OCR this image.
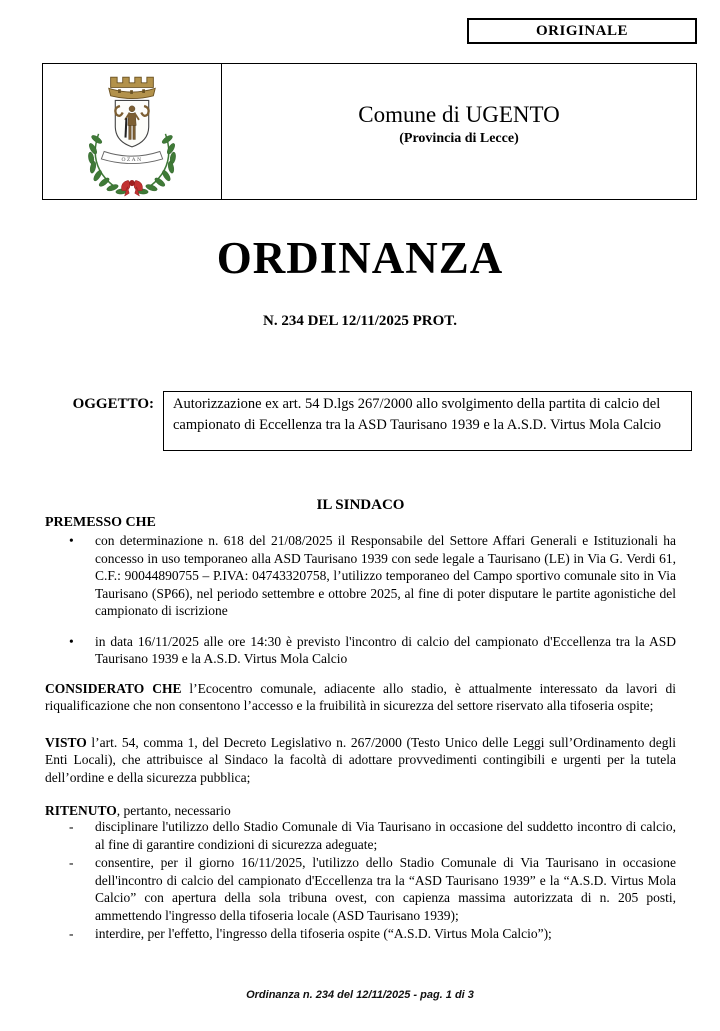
ORIGINALE
OZAN
Comune di UGENTO
(Provincia di Lecce)
ORDINANZA
N. 234 DEL 12/11/2025 PROT.
OGGETTO:	Autorizzazione ex art. 54 D.lgs 267/2000 allo svolgimento della partita di calcio del campionato di Eccellenza tra la ASD Taurisano 1939 e la A.S.D. Virtus Mola Calcio
IL SINDACO
PREMESSO CHE
• con determinazione n. 618 del 21/08/2025 il Responsabile del Settore Affari Generali e Istituzionali ha concesso in uso temporaneo alla ASD Taurisano 1939 con sede legale a Taurisano (LE) in Via G. Verdi 61, C.F.: 90044890755 – P.IVA: 04743320758, l’utilizzo temporaneo del Campo sportivo comunale sito in Via Taurisano (SP66), nel periodo settembre e ottobre 2025, al fine di poter disputare le partite agonistiche del campionato di iscrizione
• in data 16/11/2025 alle ore 14:30 è previsto l'incontro di calcio del campionato d'Eccellenza tra la ASD Taurisano 1939 e la A.S.D. Virtus Mola Calcio

CONSIDERATO CHE l’Ecocentro comunale, adiacente allo stadio, è attualmente interessato da lavori di riqualificazione che non consentono l’accesso e la fruibilità in sicurezza del settore riservato alla tifoseria ospite;

VISTO l’art. 54, comma 1, del Decreto Legislativo n. 267/2000 (Testo Unico delle Leggi sull’Ordinamento degli Enti Locali), che attribuisce al Sindaco la facoltà di adottare provvedimenti contingibili e urgenti per la tutela dell’ordine e della sicurezza pubblica;

RITENUTO, pertanto, necessario

- disciplinare l'utilizzo dello Stadio Comunale di Via Taurisano in occasione del suddetto incontro di calcio, al fine di garantire condizioni di sicurezza adeguate;
- consentire, per il giorno 16/11/2025, l'utilizzo dello Stadio Comunale di Via Taurisano in occasione dell'incontro di calcio del campionato d'Eccellenza tra la “ASD Taurisano 1939” e la “A.S.D. Virtus Mola Calcio” con apertura della sola tribuna ovest, con capienza massima autorizzata di n. 205 posti, ammettendo l'ingresso della tifoseria locale (ASD Taurisano 1939);
- interdire, per l'effetto, l'ingresso della tifoseria ospite (“A.S.D. Virtus Mola Calcio”);
Ordinanza n. 234 del 12/11/2025 - pag. 1 di 3
